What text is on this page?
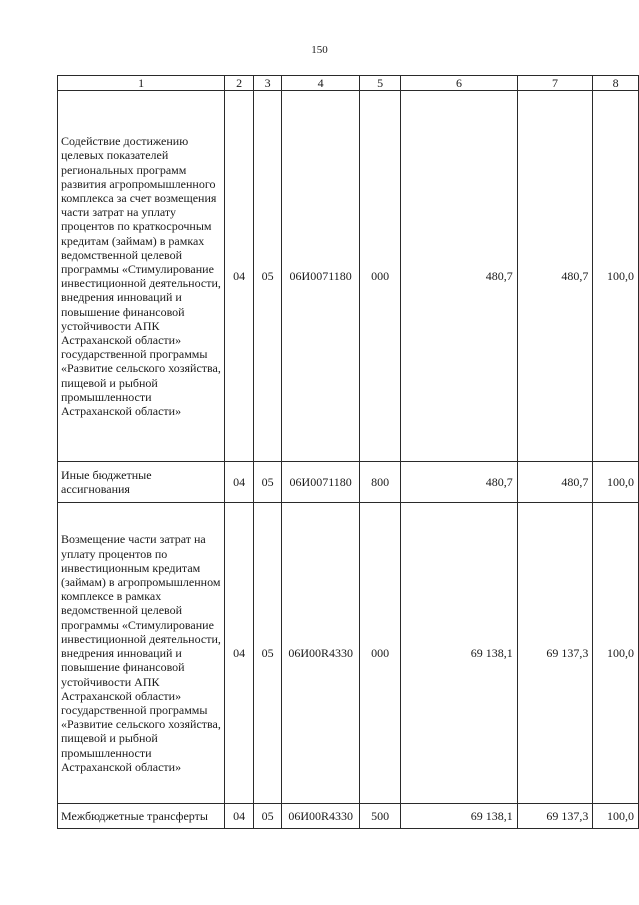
150
1	2	3	4	5	6	7	8
Содействие достижению целевых показателей региональных программ развития агропромышленного комплекса за счет возмещения части затрат на уплату процентов по краткосрочным кредитам (займам) в рамках ведомственной целевой программы «Стимулирование инвестиционной деятельности, внедрения инноваций и повышение финансовой устойчивости АПК Астраханской области» государственной программы «Развитие сельского хозяйства, пищевой и рыбной промышленности Астраханской области»	04	05	06И0071180	000	480,7	480,7	100,0
Иные бюджетные ассигнования	04	05	06И0071180	800	480,7	480,7	100,0
Возмещение части затрат на уплату процентов по инвестиционным кредитам (займам) в агропромышленном комплексе в рамках ведомственной целевой программы «Стимулирование инвестиционной деятельности, внедрения инноваций и повышение финансовой устойчивости АПК Астраханской области» государственной программы «Развитие сельского хозяйства, пищевой и рыбной промышленности Астраханской области»	04	05	06И00R4330	000	69 138,1	69 137,3	100,0
Межбюджетные трансферты	04	05	06И00R4330	500	69 138,1	69 137,3	100,0
